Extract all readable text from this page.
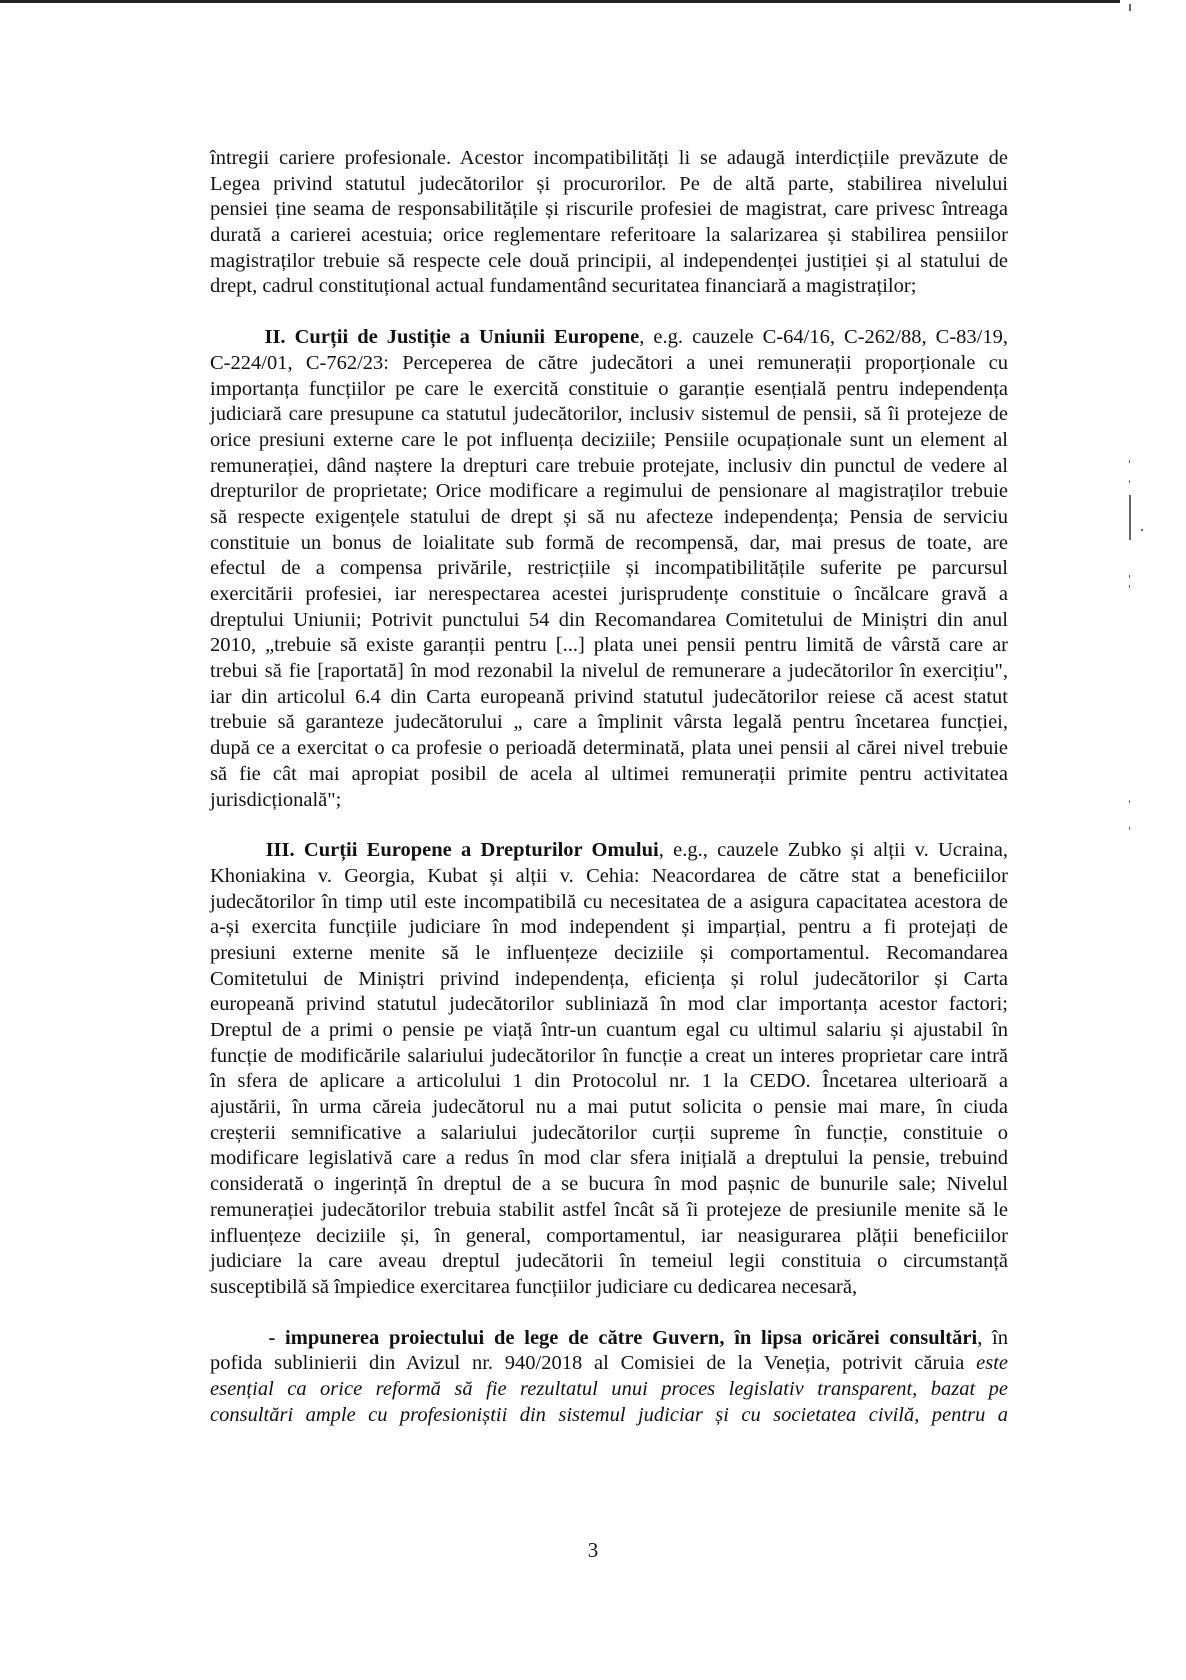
întregii cariere profesionale. Acestor incompatibilități li se adaugă interdicțiile prevăzute de
Legea privind statutul judecătorilor și procurorilor. Pe de altă parte, stabilirea nivelului
pensiei ține seama de responsabilitățile și riscurile profesiei de magistrat, care privesc întreaga
durată a carierei acestuia; orice reglementare referitoare la salarizarea și stabilirea pensiilor
magistraților trebuie să respecte cele două principii, al independenței justiției și al statului de
drept, cadrul constituțional actual fundamentând securitatea financiară a magistraților;
II. Curții de Justiție a Uniunii Europene, e.g. cauzele C-64/16, C-262/88, C-83/19,
C-224/01, C-762/23: Perceperea de către judecători a unei remunerații proporționale cu
importanța funcțiilor pe care le exercită constituie o garanție esențială pentru independența
judiciară care presupune ca statutul judecătorilor, inclusiv sistemul de pensii, să îi protejeze de
orice presiuni externe care le pot influența deciziile; Pensiile ocupaționale sunt un element al
remunerației, dând naștere la drepturi care trebuie protejate, inclusiv din punctul de vedere al
drepturilor de proprietate; Orice modificare a regimului de pensionare al magistraților trebuie
să respecte exigențele statului de drept și să nu afecteze independența; Pensia de serviciu
constituie un bonus de loialitate sub formă de recompensă, dar, mai presus de toate, are
efectul de a compensa privările, restricțiile și incompatibilitățile suferite pe parcursul
exercitării profesiei, iar nerespectarea acestei jurisprudențe constituie o încălcare gravă a
dreptului Uniunii; Potrivit punctului 54 din Recomandarea Comitetului de Miniștri din anul
2010, „trebuie să existe garanții pentru [...] plata unei pensii pentru limită de vârstă care ar
trebui să fie [raportată] în mod rezonabil la nivelul de remunerare a judecătorilor în exercițiu",
iar din articolul 6.4 din Carta europeană privind statutul judecătorilor reiese că acest statut
trebuie să garanteze judecătorului „ care a împlinit vârsta legală pentru încetarea funcției,
după ce a exercitat o ca profesie o perioadă determinată, plata unei pensii al cărei nivel trebuie
să fie cât mai apropiat posibil de acela al ultimei remunerații primite pentru activitatea
jurisdicțională";
III. Curții Europene a Drepturilor Omului, e.g., cauzele Zubko și alții v. Ucraina,
Khoniakina v. Georgia, Kubat și alții v. Cehia: Neacordarea de către stat a beneficiilor
judecătorilor în timp util este incompatibilă cu necesitatea de a asigura capacitatea acestora de
a-și exercita funcțiile judiciare în mod independent și imparțial, pentru a fi protejați de
presiuni externe menite să le influențeze deciziile și comportamentul. Recomandarea
Comitetului de Miniștri privind independența, eficiența și rolul judecătorilor și Carta
europeană privind statutul judecătorilor subliniază în mod clar importanța acestor factori;
Dreptul de a primi o pensie pe viață într-un cuantum egal cu ultimul salariu și ajustabil în
funcție de modificările salariului judecătorilor în funcție a creat un interes proprietar care intră
în sfera de aplicare a articolului 1 din Protocolul nr. 1 la CEDO. Încetarea ulterioară a
ajustării, în urma căreia judecătorul nu a mai putut solicita o pensie mai mare, în ciuda
creșterii semnificative a salariului judecătorilor curții supreme în funcție, constituie o
modificare legislativă care a redus în mod clar sfera inițială a dreptului la pensie, trebuind
considerată o ingerință în dreptul de a se bucura în mod pașnic de bunurile sale; Nivelul
remunerației judecătorilor trebuia stabilit astfel încât să îi protejeze de presiunile menite să le
influențeze deciziile și, în general, comportamentul, iar neasigurarea plății beneficiilor
judiciare la care aveau dreptul judecătorii în temeiul legii constituia o circumstanță
susceptibilă să împiedice exercitarea funcțiilor judiciare cu dedicarea necesară,
- impunerea proiectului de lege de către Guvern, în lipsa oricărei consultări, în
pofida sublinierii din Avizul nr. 940/2018 al Comisiei de la Veneția, potrivit căruia este
esențial ca orice reformă să fie rezultatul unui proces legislativ transparent, bazat pe
consultări ample cu profesioniștii din sistemul judiciar și cu societatea civilă, pentru a
3
